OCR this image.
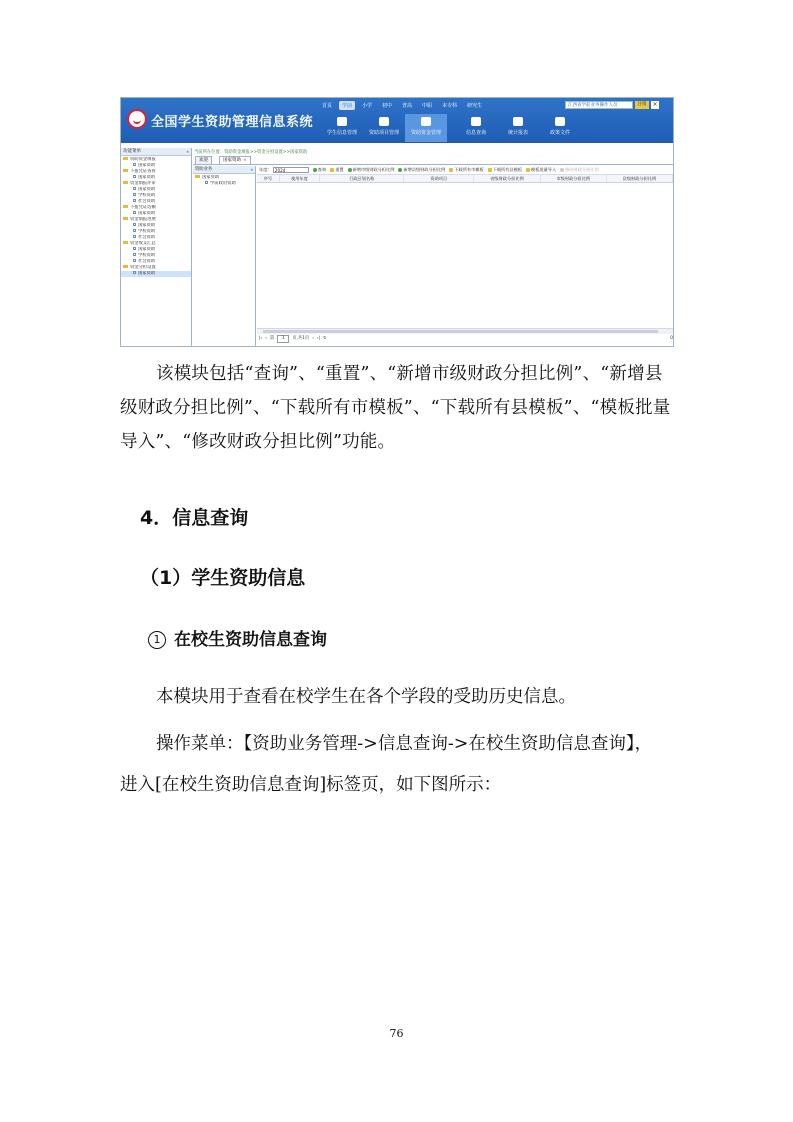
全国学生资助管理信息系统
首页	学前	小学	初中	普高	中职	本专科	研究生	江西省学前业务操作人员	注销 ×
学生信息管理	资助项目管理	资助资金管理	信息查询	统计报表	政策文件
功能菜单	«
资助资金填报
国家资助
下拨凭证查看
国家资助
资金填报评审
国家资助
学校资助
社会资助
下拨凭证选额
国家资助
资金填报进展
国家资助
学校资助
社会资助
资金收支汇总
国家资助
学校资助
社会资助
资金分担设置
国家资助
当前所在位置：资助资金填报>>资金分担设置>>国家资助
欢迎	国家资助 ×
资助业务	«
国家资助
学前政府资助
年度:	2024	查询	重置	新增市级财政分担比例	新增县级财政分担比例	下载所有市模板	下载所有县模板	模板批量导入	修改财政分担比例
序号	使用年度	行政区划名称	资助项目	省级财政分担比例	市级财政分担比例	县级财政分担比例
|‹ ‹ 第	1	页,共1页 › ›| ↻	0

该模块包括“查询”、“重置”、“新增市级财政分担比例”、“新增县级财政分担比例”、“下载所有市模板”、“下载所有县模板”、“模板批量导入”、“修改财政分担比例”功能。

4．信息查询

（1）学生资助信息

1 在校生资助信息查询

本模块用于查看在校学生在各个学段的受助历史信息。

操作菜单：【资助业务管理->信息查询->在校生资助信息查询】，

进入[在校生资助信息查询]标签页，如下图所示：

76
